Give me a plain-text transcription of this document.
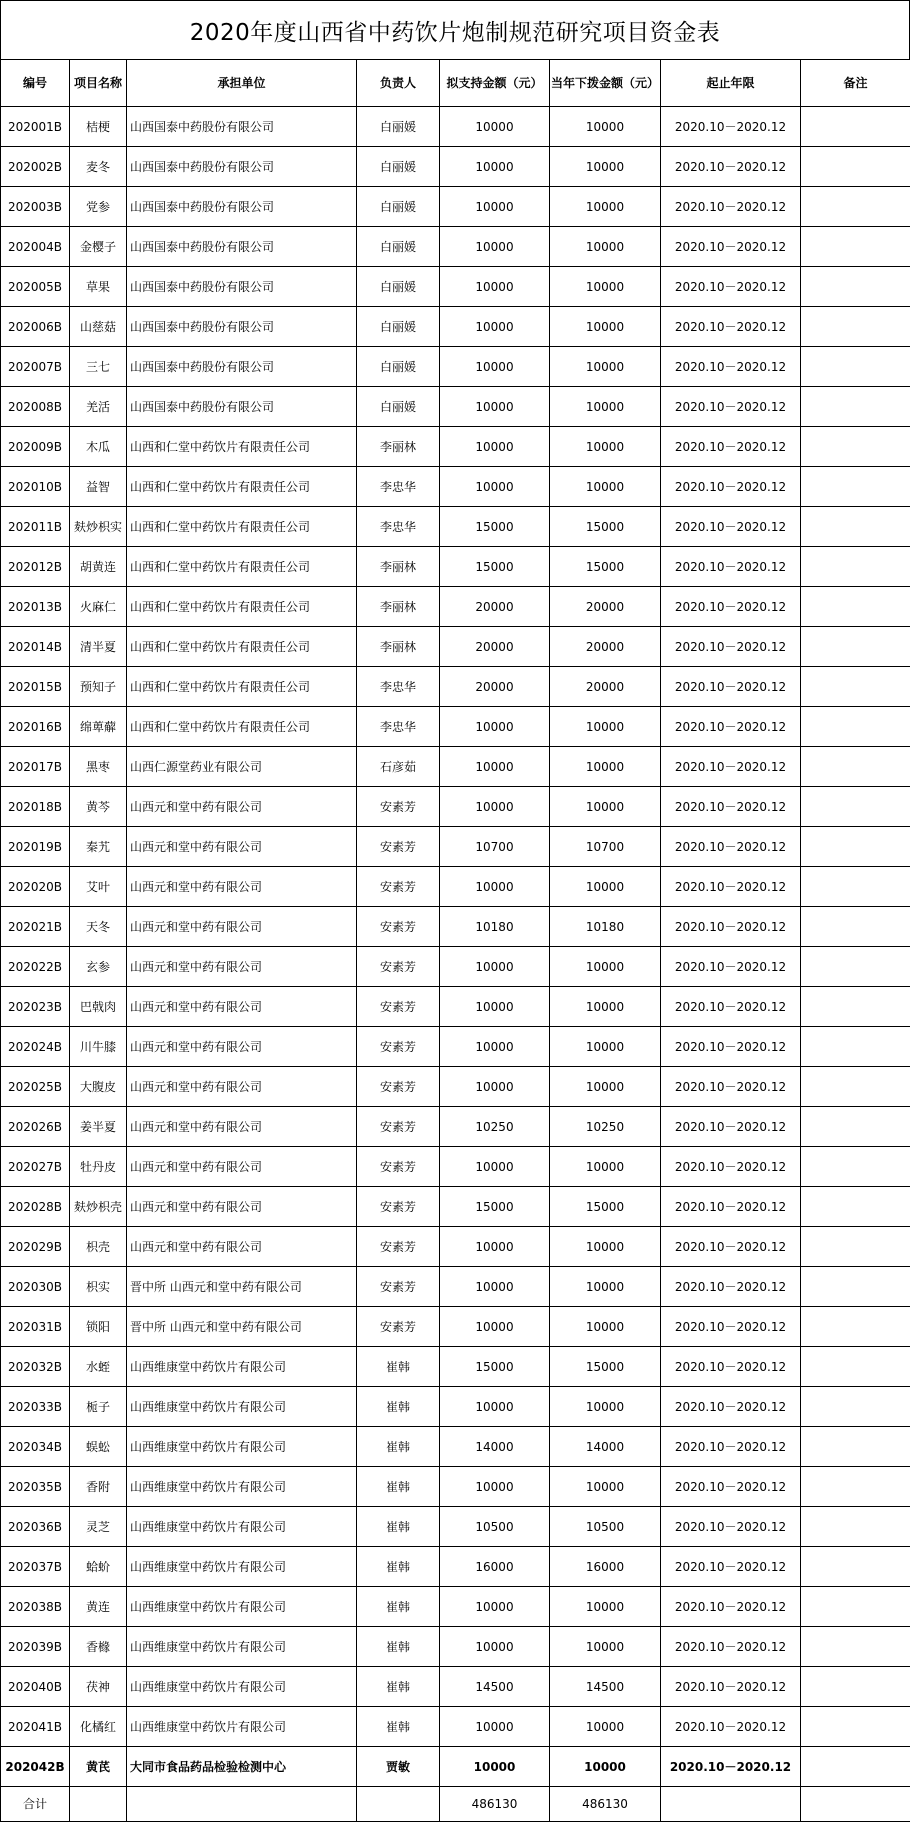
2020年度山西省中药饮片炮制规范研究项目资金表
编号	项目名称	承担单位	负责人	拟支持金额（元）	当年下拨金额（元）	起止年限	备注
202001B	桔梗	山西国泰中药股份有限公司	白丽媛	10000	10000	2020.10－2020.12	
202002B	麦冬	山西国泰中药股份有限公司	白丽媛	10000	10000	2020.10－2020.12	
202003B	党参	山西国泰中药股份有限公司	白丽媛	10000	10000	2020.10－2020.12	
202004B	金樱子	山西国泰中药股份有限公司	白丽媛	10000	10000	2020.10－2020.12	
202005B	草果	山西国泰中药股份有限公司	白丽媛	10000	10000	2020.10－2020.12	
202006B	山慈菇	山西国泰中药股份有限公司	白丽媛	10000	10000	2020.10－2020.12	
202007B	三七	山西国泰中药股份有限公司	白丽媛	10000	10000	2020.10－2020.12	
202008B	羌活	山西国泰中药股份有限公司	白丽媛	10000	10000	2020.10－2020.12	
202009B	木瓜	山西和仁堂中药饮片有限责任公司	李丽林	10000	10000	2020.10－2020.12	
202010B	益智	山西和仁堂中药饮片有限责任公司	李忠华	10000	10000	2020.10－2020.12	
202011B	麸炒枳实	山西和仁堂中药饮片有限责任公司	李忠华	15000	15000	2020.10－2020.12	
202012B	胡黄连	山西和仁堂中药饮片有限责任公司	李丽林	15000	15000	2020.10－2020.12	
202013B	火麻仁	山西和仁堂中药饮片有限责任公司	李丽林	20000	20000	2020.10－2020.12	
202014B	清半夏	山西和仁堂中药饮片有限责任公司	李丽林	20000	20000	2020.10－2020.12	
202015B	预知子	山西和仁堂中药饮片有限责任公司	李忠华	20000	20000	2020.10－2020.12	
202016B	绵萆薢	山西和仁堂中药饮片有限责任公司	李忠华	10000	10000	2020.10－2020.12	
202017B	黑枣	山西仁源堂药业有限公司	石彦茹	10000	10000	2020.10－2020.12	
202018B	黄芩	山西元和堂中药有限公司	安素芳	10000	10000	2020.10－2020.12	
202019B	秦艽	山西元和堂中药有限公司	安素芳	10700	10700	2020.10－2020.12	
202020B	艾叶	山西元和堂中药有限公司	安素芳	10000	10000	2020.10－2020.12	
202021B	天冬	山西元和堂中药有限公司	安素芳	10180	10180	2020.10－2020.12	
202022B	玄参	山西元和堂中药有限公司	安素芳	10000	10000	2020.10－2020.12	
202023B	巴戟肉	山西元和堂中药有限公司	安素芳	10000	10000	2020.10－2020.12	
202024B	川牛膝	山西元和堂中药有限公司	安素芳	10000	10000	2020.10－2020.12	
202025B	大腹皮	山西元和堂中药有限公司	安素芳	10000	10000	2020.10－2020.12	
202026B	姜半夏	山西元和堂中药有限公司	安素芳	10250	10250	2020.10－2020.12	
202027B	牡丹皮	山西元和堂中药有限公司	安素芳	10000	10000	2020.10－2020.12	
202028B	麸炒枳壳	山西元和堂中药有限公司	安素芳	15000	15000	2020.10－2020.12	
202029B	枳壳	山西元和堂中药有限公司	安素芳	10000	10000	2020.10－2020.12	
202030B	枳实	晋中所 山西元和堂中药有限公司	安素芳	10000	10000	2020.10－2020.12	
202031B	锁阳	晋中所 山西元和堂中药有限公司	安素芳	10000	10000	2020.10－2020.12	
202032B	水蛭	山西维康堂中药饮片有限公司	崔韩	15000	15000	2020.10－2020.12	
202033B	栀子	山西维康堂中药饮片有限公司	崔韩	10000	10000	2020.10－2020.12	
202034B	蜈蚣	山西维康堂中药饮片有限公司	崔韩	14000	14000	2020.10－2020.12	
202035B	香附	山西维康堂中药饮片有限公司	崔韩	10000	10000	2020.10－2020.12	
202036B	灵芝	山西维康堂中药饮片有限公司	崔韩	10500	10500	2020.10－2020.12	
202037B	蛤蚧	山西维康堂中药饮片有限公司	崔韩	16000	16000	2020.10－2020.12	
202038B	黄连	山西维康堂中药饮片有限公司	崔韩	10000	10000	2020.10－2020.12	
202039B	香橼	山西维康堂中药饮片有限公司	崔韩	10000	10000	2020.10－2020.12	
202040B	茯神	山西维康堂中药饮片有限公司	崔韩	14500	14500	2020.10－2020.12	
202041B	化橘红	山西维康堂中药饮片有限公司	崔韩	10000	10000	2020.10－2020.12	
202042B	黄芪	大同市食品药品检验检测中心	贾敏	10000	10000	2020.10－2020.12	
合计				486130	486130		
